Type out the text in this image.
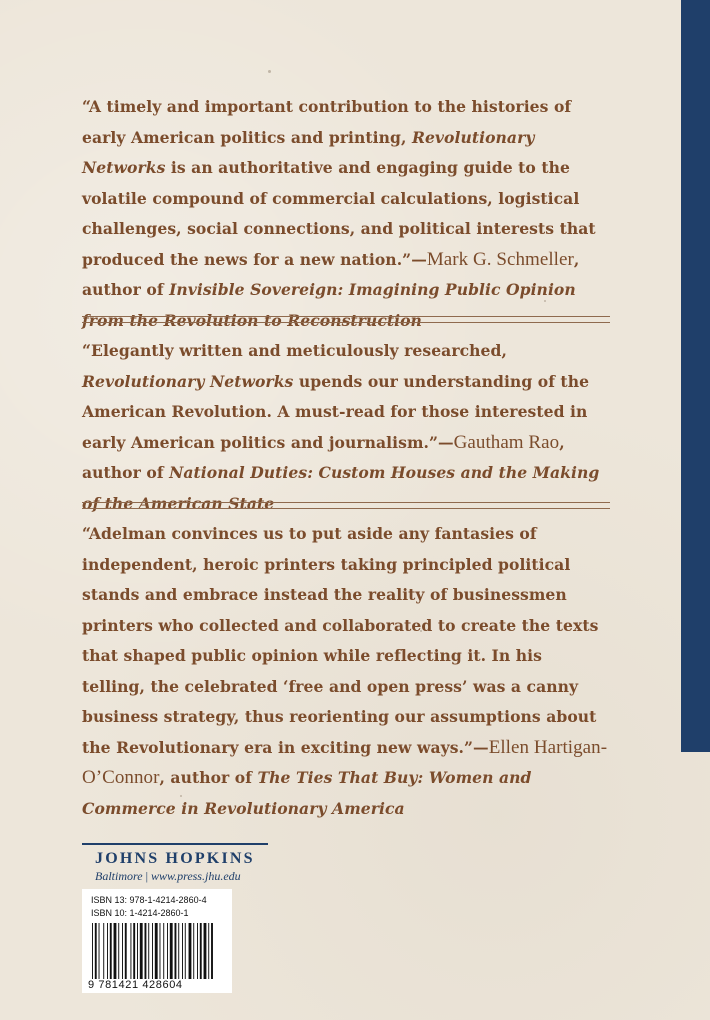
“A timely and important contribution to the histories of early American politics and printing, Revolutionary Networks is an authoritative and engaging guide to the volatile compound of commercial calculations, logistical challenges, social connections, and political interests that produced the news for a new nation.”—Mark G. Schmeller, author of Invisible Sovereign: Imagining Public Opinion from the Revolution to Reconstruction
“Elegantly written and meticulously researched, Revolutionary Networks upends our understanding of the American Revolution. A must-read for those interested in early American politics and journalism.”—Gautham Rao, author of National Duties: Custom Houses and the Making of the American State
“Adelman convinces us to put aside any fantasies of independent, heroic printers taking principled political stands and embrace instead the reality of businessmen printers who collected and collaborated to create the texts that shaped public opinion while reflecting it. In his telling, the celebrated ‘free and open press’ was a canny business strategy, thus reorienting our assumptions about the Revolutionary era in exciting new ways.”—Ellen Hartigan-O’Connor, author of The Ties That Buy: Women and Commerce in Revolutionary America
JOHNS HOPKINS
Baltimore | www.press.jhu.edu
ISBN 13: 978-1-4214-2860-4
ISBN 10: 1-4214-2860-1
9 781421 428604
